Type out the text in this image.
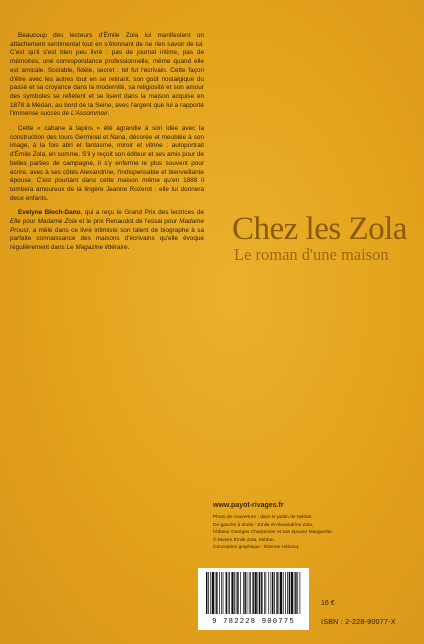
Beaucoup des lecteurs d'Émile Zola lui manifestent un attachement sentimental tout en s'étonnant de ne rien savoir de lui. C'est qu'il s'est bien peu livré : pas de journal intime, pas de mémoires, une correspondance professionnelle, même quand elle est amicale. Sociable, fidèle, secret : tel fut l'écrivain. Cette façon d'être avec les autres tout en se retirant, son goût nostalgique du passé et sa croyance dans la modernité, sa religiosité et son amour des symboles se reflètent et se lisent dans la maison acquise en 1878 à Médan, au bord de la Seine, avec l'argent que lui a rapporté l'immense succès de L'Assommoir.

Cette « cabane à lapins » été agrandie à son idée avec la construction des tours Germinal et Nana, décorée et meublée à son image, à la fois abri et fantasme, miroir et vitrine : autoportrait d'Émile Zola, en somme. S'il y reçoit son éditeur et ses amis pour de belles parties de campagne, il s'y enferme le plus souvent pour écrire, avec à ses côtés Alexandrine, l'indispensable et bienveillante épouse. C'est pourtant dans cette maison même qu'en 1888 il tombera amoureux de la lingère Jeanne Rozerot : elle lui donnera deux enfants.

Evelyne Bloch-Dano, qui a reçu le Grand Prix des lectrices de Elle pour Madame Zola et le prix Renaudot de l'essai pour Madame Proust, a mêlé dans ce livre intimiste son talent de biographe à sa parfaite connaissance des maisons d'écrivains qu'elle évoque régulièrement dans Le Magazine littéraire.

Chez les Zola
Le roman d'une maison
www.payot-rivages.fr
Photo de couverture : dans le jardin de Médan.
De gauche à droite : Émile et Alexandrine Zola,
l'éditeur Georges Charpentier et son épouse Marguerite.
© Musée Émile Zola, Médan.
Conception graphique : Étienne Hénocq.
9 782228 900775
16 €
ISBN : 2-228-90077-X
